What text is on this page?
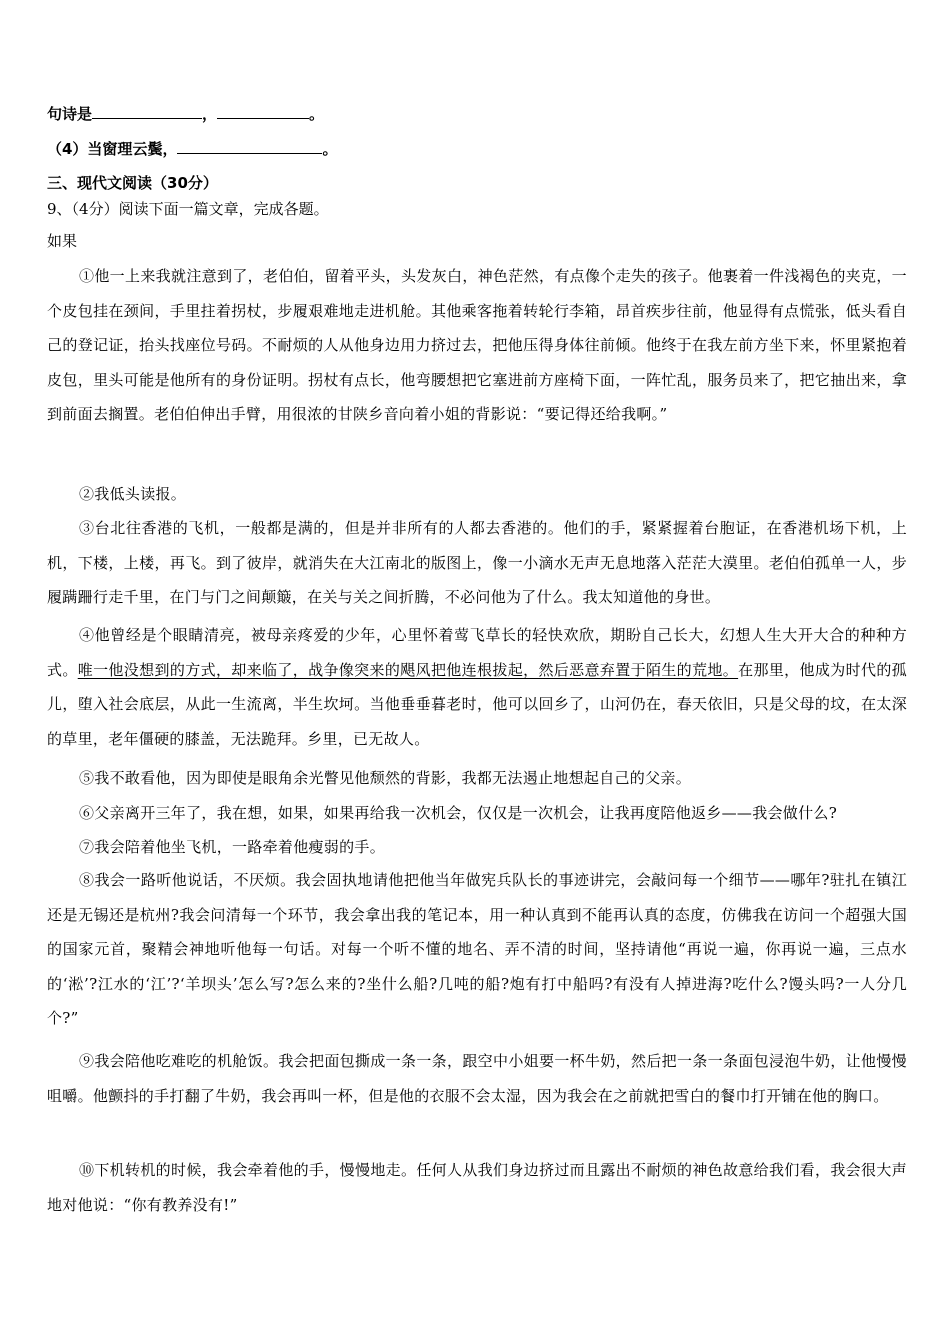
句诗是	，	。
（4）当窗理云鬓，	。
三、现代文阅读（30分）
9、（4分）阅读下面一篇文章，完成各题。
如果
①他一上来我就注意到了，老伯伯，留着平头，头发灰白，神色茫然，有点像个走失的孩子。他裹着一件浅褐色的夹克，一个皮包挂在颈间，手里拄着拐杖，步履艰难地走进机舱。其他乘客拖着转轮行李箱，昂首疾步往前，他显得有点慌张，低头看自己的登记证，抬头找座位号码。不耐烦的人从他身边用力挤过去，把他压得身体往前倾。他终于在我左前方坐下来，怀里紧抱着皮包，里头可能是他所有的身份证明。拐杖有点长，他弯腰想把它塞进前方座椅下面，一阵忙乱，服务员来了，把它抽出来，拿到前面去搁置。老伯伯伸出手臂，用很浓的甘陕乡音向着小姐的背影说：“要记得还给我啊。”
②我低头读报。
③台北往香港的飞机，一般都是满的，但是并非所有的人都去香港的。他们的手，紧紧握着台胞证，在香港机场下机，上机，下楼，上楼，再飞。到了彼岸，就消失在大江南北的版图上，像一小滴水无声无息地落入茫茫大漠里。老伯伯孤单一人，步履蹒跚行走千里，在门与门之间颠簸，在关与关之间折腾，不必问他为了什么。我太知道他的身世。
④他曾经是个眼睛清亮，被母亲疼爱的少年，心里怀着莺飞草长的轻快欢欣，期盼自己长大，幻想人生大开大合的种种方式。唯一他没想到的方式，却来临了，战争像突来的飓风把他连根拔起，然后恶意弃置于陌生的荒地。在那里，他成为时代的孤儿，堕入社会底层，从此一生流离，半生坎坷。当他垂垂暮老时，他可以回乡了，山河仍在，春天依旧，只是父母的坟，在太深的草里，老年僵硬的膝盖，无法跪拜。乡里，已无故人。
⑤我不敢看他，因为即使是眼角余光瞥见他颓然的背影，我都无法遏止地想起自己的父亲。
⑥父亲离开三年了，我在想，如果，如果再给我一次机会，仅仅是一次机会，让我再度陪他返乡——我会做什么?
⑦我会陪着他坐飞机，一路牵着他瘦弱的手。
⑧我会一路听他说话，不厌烦。我会固执地请他把他当年做宪兵队长的事迹讲完，会敲问每一个细节——哪年?驻扎在镇江还是无锡还是杭州?我会问清每一个环节，我会拿出我的笔记本，用一种认真到不能再认真的态度，仿佛我在访问一个超强大国的国家元首，聚精会神地听他每一句话。对每一个听不懂的地名、弄不清的时间，坚持请他“再说一遍，你再说一遍，三点水的‘淞’?江水的‘江’?‘羊坝头’怎么写?怎么来的?坐什么船?几吨的船?炮有打中船吗?有没有人掉进海?吃什么?馒头吗?一人分几个?”
⑨我会陪他吃难吃的机舱饭。我会把面包撕成一条一条，跟空中小姐要一杯牛奶，然后把一条一条面包浸泡牛奶，让他慢慢咀嚼。他颤抖的手打翻了牛奶，我会再叫一杯，但是他的衣服不会太湿，因为我会在之前就把雪白的餐巾打开铺在他的胸口。
⑩下机转机的时候，我会牵着他的手，慢慢地走。任何人从我们身边挤过而且露出不耐烦的神色故意给我们看，我会很大声地对他说：“你有教养没有!”
